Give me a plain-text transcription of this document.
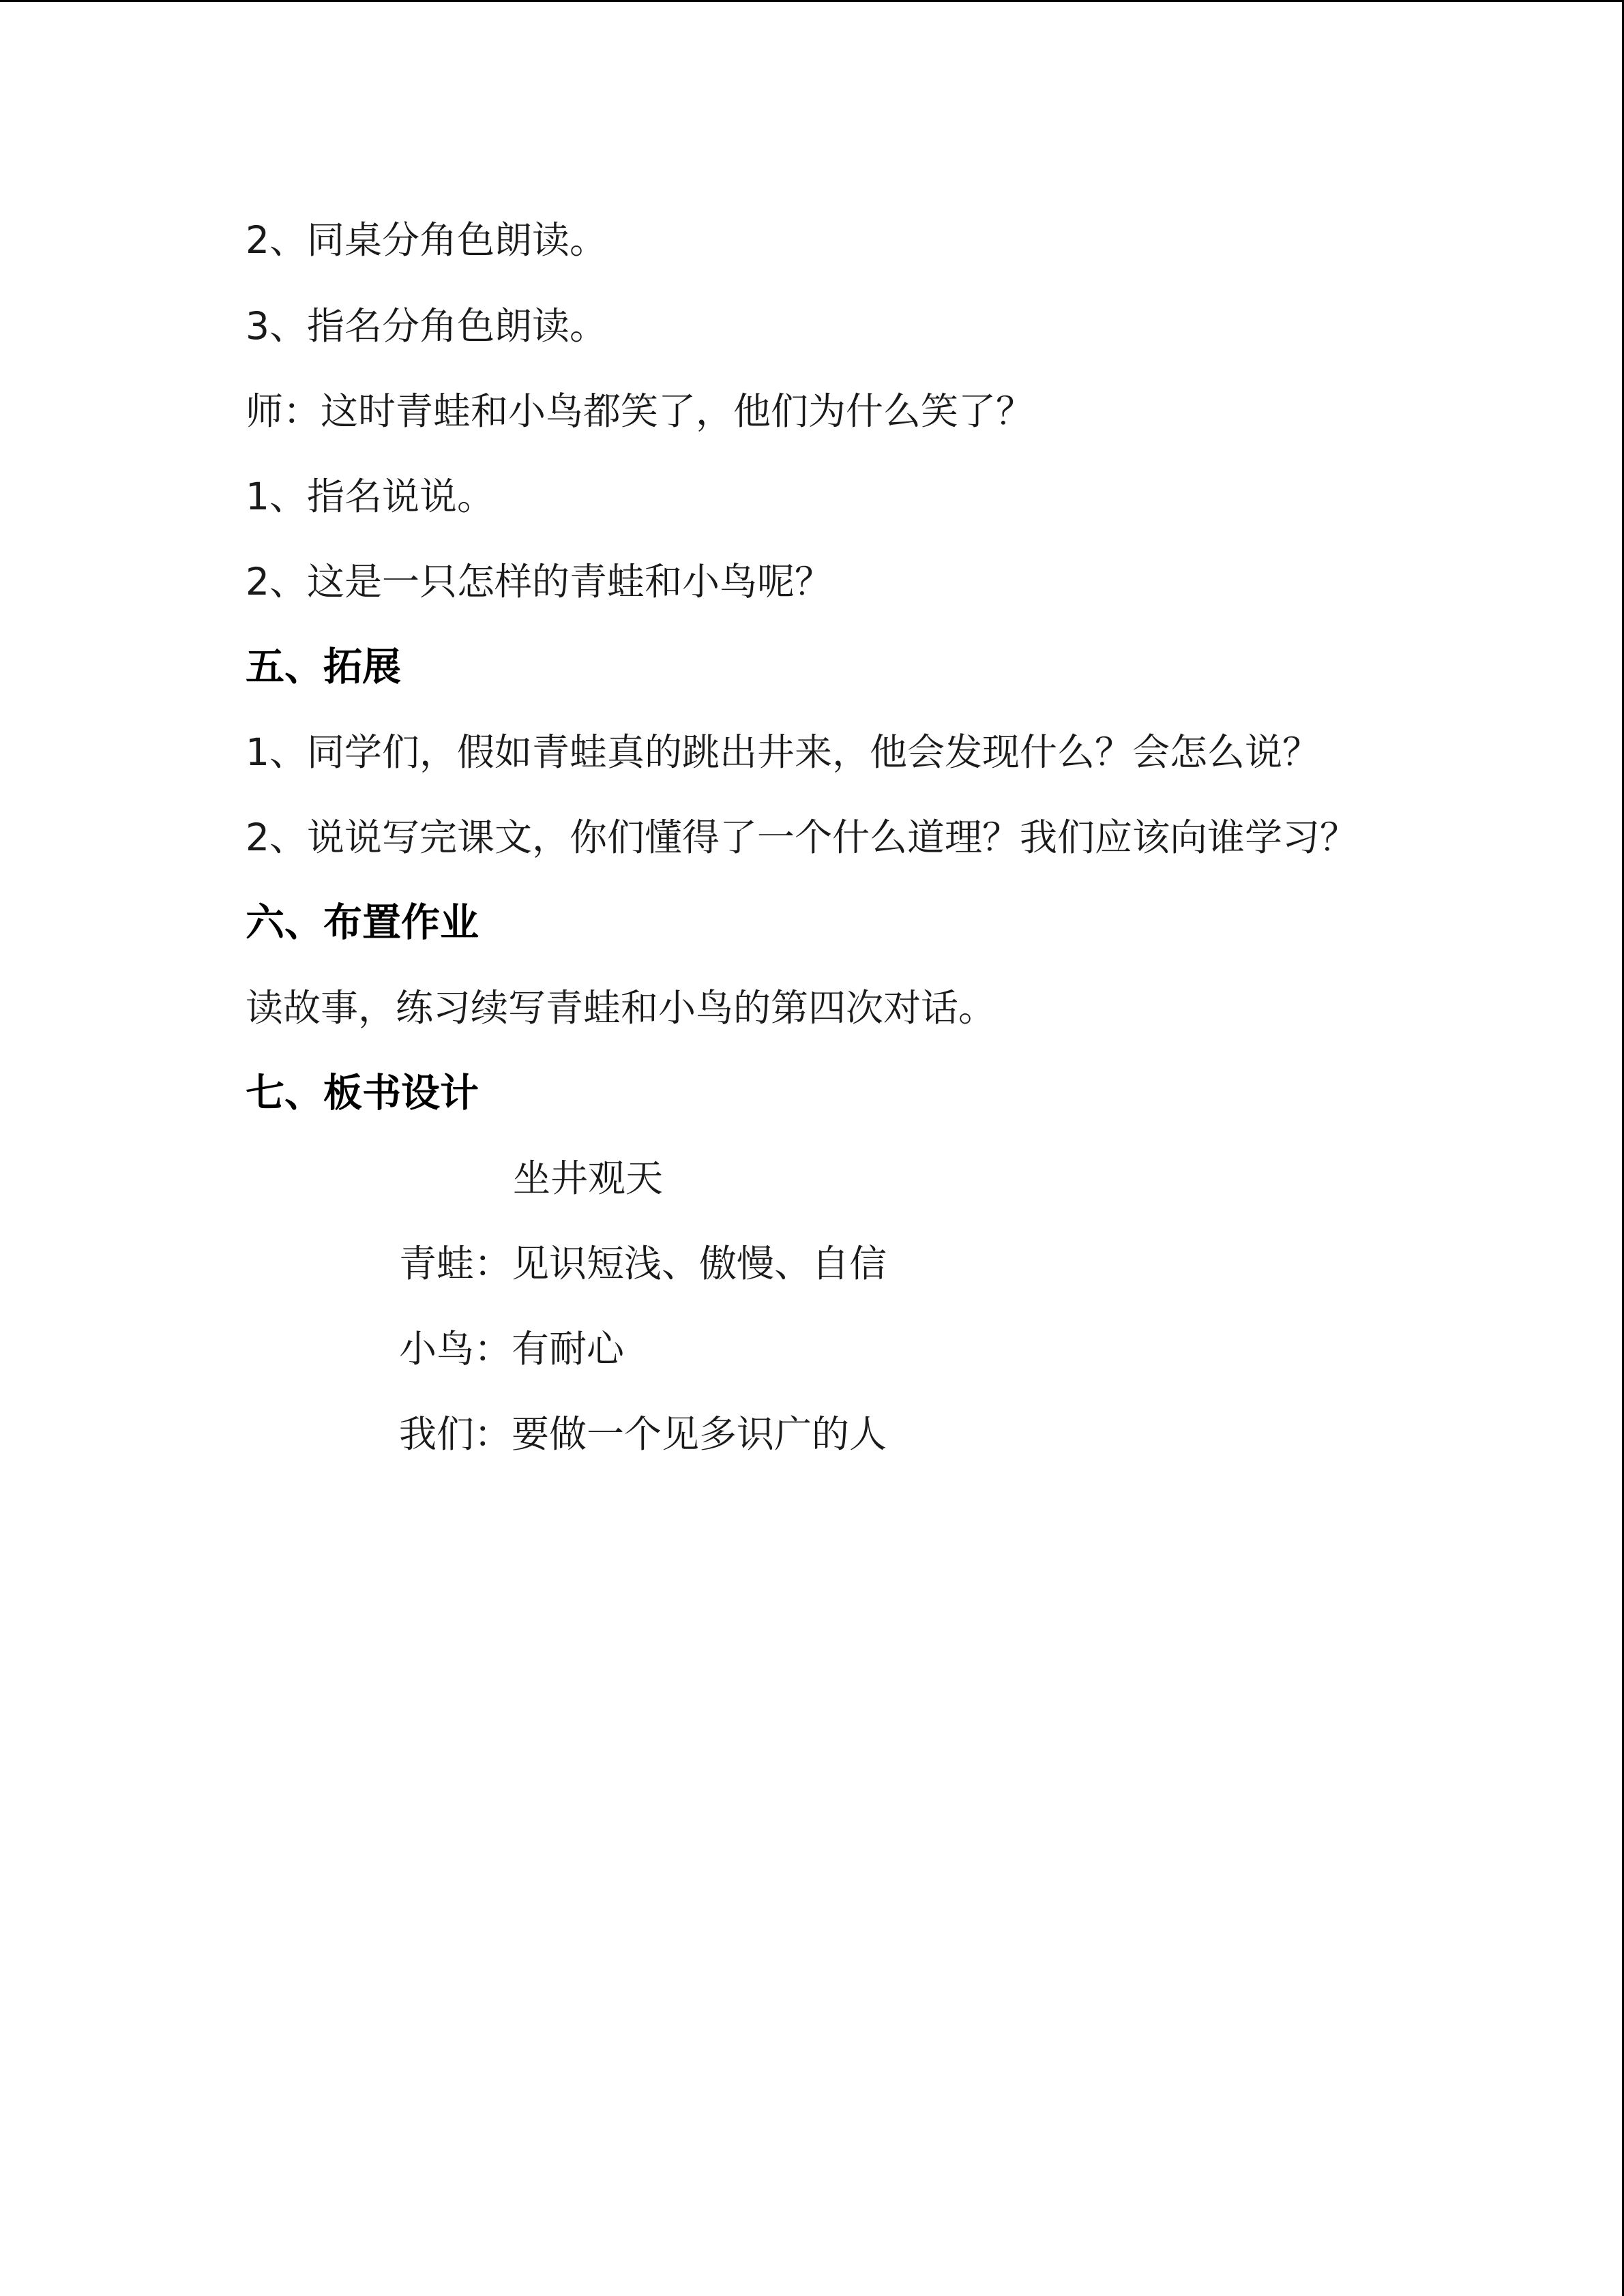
2、同桌分角色朗读。
3、指名分角色朗读。
师：这时青蛙和小鸟都笑了，他们为什么笑了？
1、指名说说。
2、这是一只怎样的青蛙和小鸟呢？
五、拓展
1、同学们，假如青蛙真的跳出井来，他会发现什么？会怎么说？
2、说说写完课文，你们懂得了一个什么道理？我们应该向谁学习？
六、布置作业
读故事，练习续写青蛙和小鸟的第四次对话。
七、板书设计
坐井观天
青蛙：见识短浅、傲慢、自信
小鸟：有耐心
我们：要做一个见多识广的人
